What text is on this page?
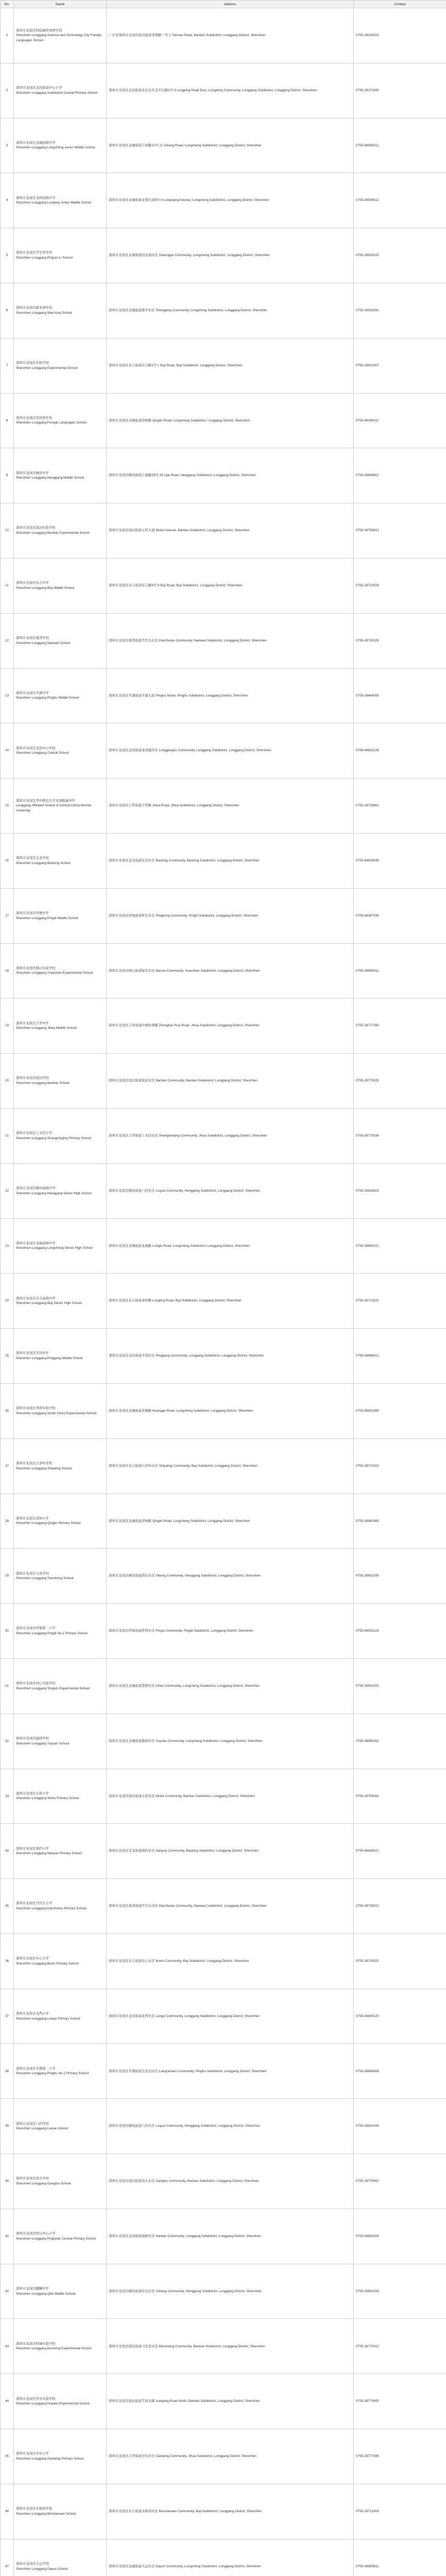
No.	Name	Address	Contact
1	深圳市龙岗区科技城外国语学校
Shenzhen Longgang Science and Technology City Foreign Languages School	广东省深圳市龙岗区坂田街道李朗路一号 1 Tiannan Road, Bantian Subdistrict, Longgang District, Shenzhen	0755-26220023
2	深圳市龙岗区龙岗街道中心小学
Shenzhen Longgang Subdistrict Central Primary School	深圳市龙岗区龙岗街道龙东社区龙平东路3号 3 Longping Road East, Longdong Community, Longgang Subdistrict, Longgang District, Shenzhen	0755-28372445
3	深圳市龙岗区龙城初级中学
Shenzhen Longgang Longcheng Junior Middle School	深圳市龙岗区龙城街道吉祥路21号 21 Jixiang Road, Longcheng Subdistrict, Longgang District, Shenzhen	0755-84560012
4	深圳市龙岗区龙岭初级中学
Shenzhen Longgang Longling Junior Middle School	深圳市龙岗区龙城街道龙翔大道6号 6 Longxiang Avenue, Longcheng Subdistrict, Longgang District, Shenzhen	0755-28936512
5	深圳市龙岗区平安里学校
Shenzhen Longgang Ping'an Li School	深圳市龙岗区龙城街道回龙埔社区 Huilongpu Community, Longcheng Subdistrict, Longgang District, Shenzhen	0755-28920033
6	深圳市龙岗区新亚洲学校
Shenzhen Longgang New Asia School	深圳市龙岗区龙城街道盛平社区 Shengping Community, Longcheng Subdistrict, Longgang District, Shenzhen	0755-28933261
7	深圳市龙岗区实验学校
Shenzhen Longgang Experimental School	深圳市龙岗区布吉街道布吉路1号 1 Buji Road, Buji Subdistrict, Longgang District, Shenzhen	0755-28912007
8	深圳市龙岗区外国语学校
Shenzhen Longgang Foreign Languages School	深圳市龙岗区龙城街道清林路 Qinglin Road, Longcheng Subdistrict, Longgang District, Shenzhen	0755-84260011
9	深圳市龙岗区横岗中学
Shenzhen Longgang Henggang Middle School	深圳市龙岗区横岗街道力嘉路28号 28 Lijia Road, Henggang Subdistrict, Longgang District, Shenzhen	0755-28636912
10	深圳市龙岗区坂田实验学校
Shenzhen Longgang Bantian Experimental School	深圳市龙岗区坂田街道五和大道 Wuhe Avenue, Bantian Subdistrict, Longgang District, Shenzhen	0755-28759913
11	深圳市龙岗区布吉中学
Shenzhen Longgang Buji Middle School	深圳市龙岗区布吉街道布吉路8号 8 Buji Road, Buji Subdistrict, Longgang District, Shenzhen	0755-28710026
12	深圳市龙岗区南湾学校
Shenzhen Longgang Nanwan School	深圳市龙岗区南湾街道丹竹头社区 Danzhutou Community, Nanwan Subdistrict, Longgang District, Shenzhen	0755-28730325
13	深圳市龙岗区平湖中学
Shenzhen Longgang Pinghu Middle School	深圳市龙岗区平湖街道平湖大街 Pinghu Street, Pinghu Subdistrict, Longgang District, Shenzhen	0755-28468005
14	深圳市龙岗区龙岗中心学校
Shenzhen Longgang Central School	深圳市龙岗区龙岗街道龙岗墟社区 Longgangxu Community, Longgang Subdistrict, Longgang District, Shenzhen	0755-84831128
15	深圳市龙岗区华中师范大学龙岗附属中学
Longgang Affiliated School of Central China Normal University	深圳市龙岗区吉华街道吉华路 Jihua Road, Jihua Subdistrict, Longgang District, Shenzhen	0755-28729961
16	深圳市龙岗区宝龙学校
Shenzhen Longgang Baolong School	深圳市龙岗区宝龙街道宝龙社区 Baolong Community, Baolong Subdistrict, Longgang District, Shenzhen	0755-84829036
17	深圳市龙岗区坪地中学
Shenzhen Longgang Pingdi Middle School	深圳市龙岗区坪地街道坪东社区 Pingdong Community, Pingdi Subdistrict, Longgang District, Shenzhen	0755-84097036
18	深圳市龙岗区园山实验学校
Shenzhen Longgang Yuanshan Experimental School	深圳市龙岗区园山街道保安社区 Bao'an Community, Yuanshan Subdistrict, Longgang District, Shenzhen	0755-28656011
19	深圳市龙岗区吉华中学
Shenzhen Longgang Jihua Middle School	深圳市龙岗区吉华街道中海怡翠路 Zhonghai Yicui Road, Jihua Subdistrict, Longgang District, Shenzhen	0755-28777265
20	深圳市龙岗区坂田学校
Shenzhen Longgang Bantian School	深圳市龙岗区坂田街道坂田社区 Bantian Community, Bantian Subdistrict, Longgang District, Shenzhen	0755-28770025
21	深圳市龙岗区上水径小学
Shenzhen Longgang Shangshuijing Primary School	深圳市龙岗区吉华街道上水径社区 Shangshuijing Community, Jihua Subdistrict, Longgang District, Shenzhen	0755-28770036
22	深圳市龙岗区横岗高级中学
Shenzhen Longgang Henggang Senior High School	深圳市龙岗区横岗街道六约社区 Liuyue Community, Henggang Subdistrict, Longgang District, Shenzhen	0755-28633601
23	深圳市龙岗区龙城高级中学
Shenzhen Longgang Longcheng Senior High School	深圳市龙岗区龙城街道龙福路 Longfu Road, Longcheng Subdistrict, Longgang District, Shenzhen	0755-28950221
24	深圳市龙岗区布吉高级中学
Shenzhen Longgang Buji Senior High School	深圳市龙岗区布吉街道龙岭路 Longling Road, Buji Subdistrict, Longgang District, Shenzhen	0755-28713022
25	深圳市龙岗区平冈中学
Shenzhen Longgang Pinggang Middle School	深圳市龙岗区龙岗街道平冈社区 Pinggang Community, Longgang Subdistrict, Longgang District, Shenzhen	0755-84898012
26	深圳市龙岗区华南实验学校
Shenzhen Longgang South China Experimental School	深圳市龙岗区龙城街道黄阁路 Huangge Road, Longcheng Subdistrict, Longgang District, Shenzhen	0755-89932365
27	深圳市龙岗区石芽岭学校
Shenzhen Longgang Shiyaling School	深圳市龙岗区布吉街道石芽岭社区 Shiyaling Community, Buji Subdistrict, Longgang District, Shenzhen	0755-28770201
28	深圳市龙岗区清林小学
Shenzhen Longgang Qinglin Primary School	深圳市龙岗区龙城街道清林路 Qinglin Road, Longcheng Subdistrict, Longgang District, Shenzhen	0755-28963365
29	深圳市龙岗区天成学校
Shenzhen Longgang Tiancheng School	深圳市龙岗区横岗街道西坑社区 Xikeng Community, Henggang Subdistrict, Longgang District, Shenzhen	0755-28602205
30	深圳市龙岗区坪地第二小学
Shenzhen Longgang Pingdi No.2 Primary School	深圳市龙岗区坪地街道坪西社区 Pingxi Community, Pingdi Subdistrict, Longgang District, Shenzhen	0755-84091123
31	深圳市龙岗区同心实验学校
Shenzhen Longgang Tongxin Experimental School	深圳市龙岗区龙城街道爱联社区 Ailian Community, Longcheng Subdistrict, Longgang District, Shenzhen	0755-28453202
32	深圳市龙岗区愉园学校
Shenzhen Longgang Yuyuan School	深圳市龙岗区龙城街道愉园社区 Yuyuan Community, Longcheng Subdistrict, Longgang District, Shenzhen	0755-28955261
33	深圳市龙岗区五和小学
Shenzhen Longgang Wuhe Primary School	深圳市龙岗区坂田街道五和社区 Wuhe Community, Bantian Subdistrict, Longgang District, Shenzhen	0755-28759262
34	深圳市龙岗区南约小学
Shenzhen Longgang Nanyue Primary School	深圳市龙岗区宝龙街道南约社区 Nanyue Community, Baolong Subdistrict, Longgang District, Shenzhen	0755-84826021
35	深圳市龙岗区丹竹头小学
Shenzhen Longgang Danzhutou Primary School	深圳市龙岗区南湾街道丹竹头社区 Danzhutou Community, Nanwan Subdistrict, Longgang District, Shenzhen	0755-28730021
36	深圳市龙岗区布心小学
Shenzhen Longgang Buxin Primary School	深圳市龙岗区布吉街道布心社区 Buxin Community, Buji Subdistrict, Longgang District, Shenzhen	0755-28710522
37	深圳市龙岗区龙西小学
Shenzhen Longgang Longxi Primary School	深圳市龙岗区龙岗街道龙西社区 Longxi Community, Longgang Subdistrict, Longgang District, Shenzhen	0755-84830125
38	深圳市龙岗区平湖第二小学
Shenzhen Longgang Pinghu No.2 Primary School	深圳市龙岗区平湖街道良安田社区 Liang'antian Community, Pinghu Subdistrict, Longgang District, Shenzhen	0755-28468306
39	深圳市龙岗区六约学校
Shenzhen Longgang Liuyue School	深圳市龙岗区横岗街道六约社区 Liuyue Community, Henggang Subdistrict, Longgang District, Shenzhen	0755-28633205
40	深圳市龙岗区岗头学校
Shenzhen Longgang Gangtou School	深圳市龙岗区坂田街道岗头社区 Gangtou Community, Bantian Subdistrict, Longgang District, Shenzhen	0755-28770561
41	深圳市龙岗区坪山中心小学
Shenzhen Longgang Pingshan Central Primary School	深圳市龙岗区龙岗街道南联社区 Nanlian Community, Longgang Subdistrict, Longgang District, Shenzhen	0755-84832209
42	深圳市龙岗区麒麟中学
Shenzhen Longgang Qilin Middle School	深圳市龙岗区横岗街道安良社区 Anliang Community, Henggang Subdistrict, Longgang District, Shenzhen	0755-28602316
43	深圳市龙岗区科城实验学校
Shenzhen Longgang Kecheng Experimental School	深圳市龙岗区坂田街道马安堂社区 Ma'antang Community, Bantian Subdistrict, Longgang District, Shenzhen	0755-28770312
44	深圳市龙岗区华为实验学校
Shenzhen Longgang Huawei Experimental School	深圳市龙岗区坂田街道雪岗北路 Xuegang Road North, Bantian Subdistrict, Longgang District, Shenzhen	0755-28770405
45	深圳市龙岗区甘坑小学
Shenzhen Longgang Gankeng Primary School	深圳市龙岗区吉华街道甘坑社区 Gankeng Community, Jihua Subdistrict, Longgang District, Shenzhen	0755-28777306
46	深圳市龙岗区木棉湾学校
Shenzhen Longgang Mumianwan School	深圳市龙岗区布吉街道木棉湾社区 Mumianwan Community, Buji Subdistrict, Longgang District, Shenzhen	0755-28713305
47	深圳市龙岗区大运学校
Shenzhen Longgang Dayun School	深圳市龙岗区龙城街道大运社区 Dayun Community, Longcheng Subdistrict, Longgang District, Shenzhen	0755-28950611
